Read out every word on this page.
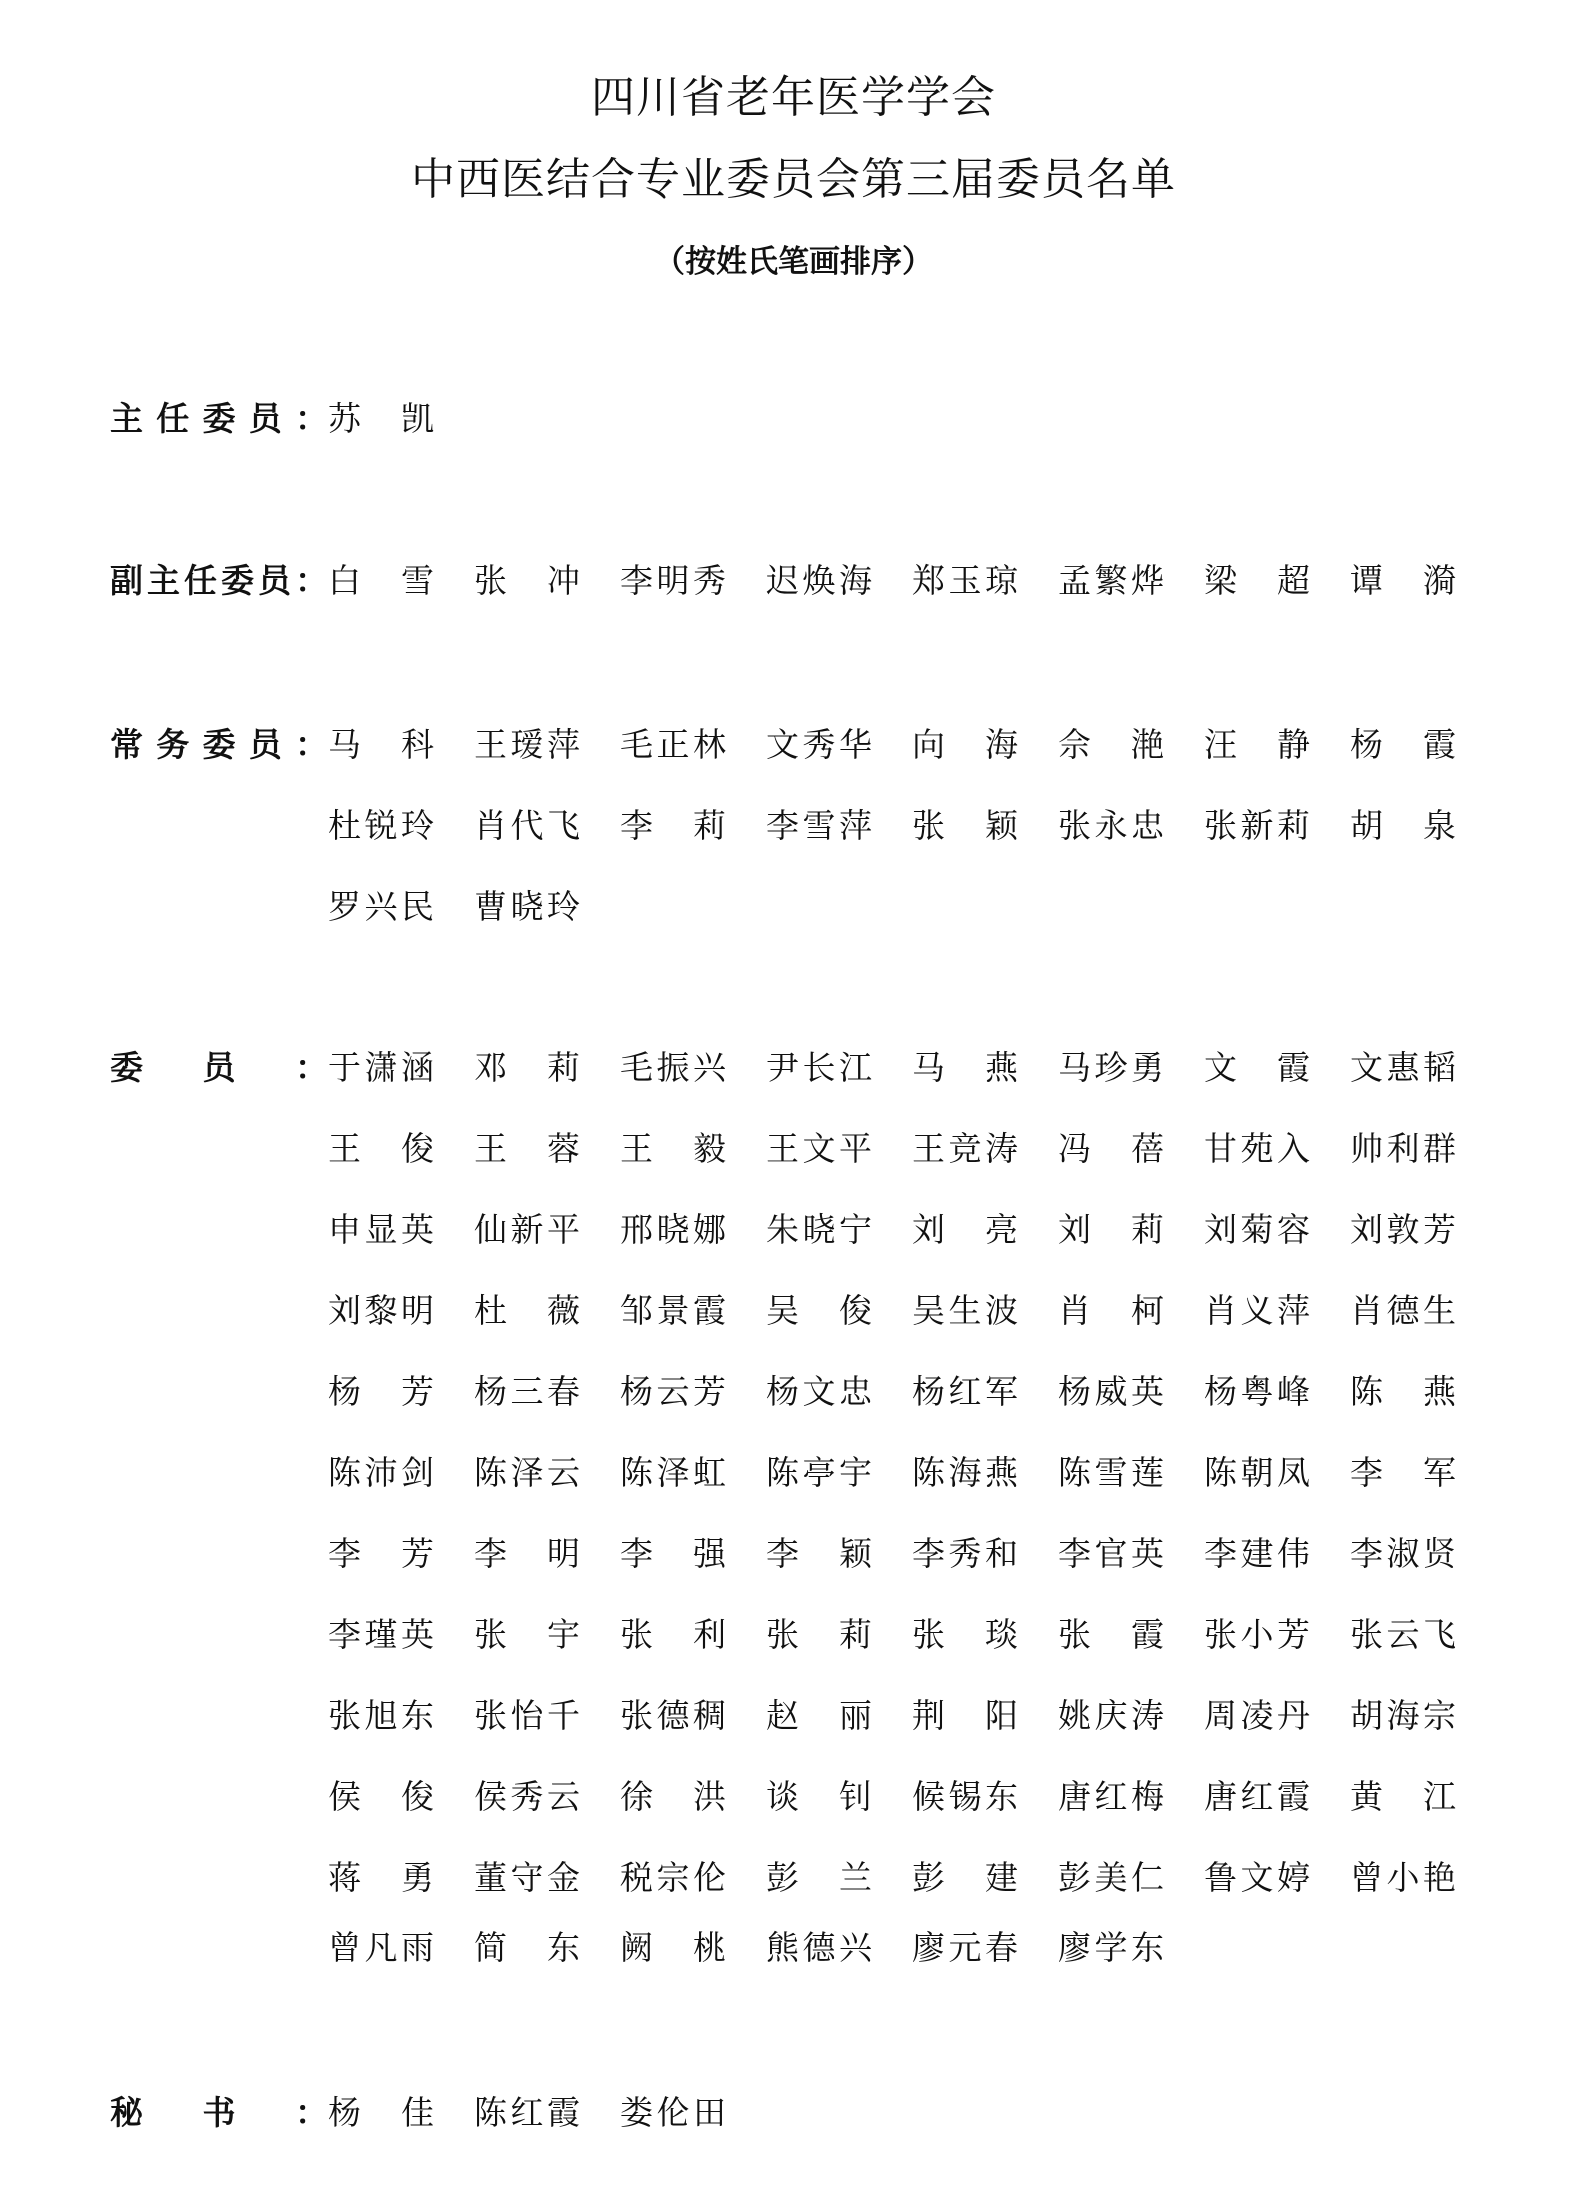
四川省老年医学学会
中西医结合专业委员会第三届委员名单
（按姓氏笔画排序）
主 任 委 员 ： 苏 凯
副 主 任 委 员 ： 白 雪 张 冲 李 明 秀 迟 焕 海 郑 玉 琼 孟 繁 烨 梁 超 谭 漪
常 务 委 员 ： 马 科 王 瑷 萍 毛 正 林 文 秀 华 向 海 佘 滟 汪 静 杨 霞
杜 锐 玲 肖 代 飞 李 莉 李 雪 萍 张 颖 张 永 忠 张 新 莉 胡 泉
罗 兴 民 曹 晓 玲
委 员 ： 于 潇 涵 邓 莉 毛 振 兴 尹 长 江 马 燕 马 珍 勇 文 霞 文 惠 韬
王 俊 王 蓉 王 毅 王 文 平 王 竞 涛 冯 蓓 甘 苑 入 帅 利 群
申 显 英 仙 新 平 邢 晓 娜 朱 晓 宁 刘 亮 刘 莉 刘 菊 容 刘 敦 芳
刘 黎 明 杜 薇 邹 景 霞 吴 俊 吴 生 波 肖 柯 肖 义 萍 肖 德 生
杨 芳 杨 三 春 杨 云 芳 杨 文 忠 杨 红 军 杨 威 英 杨 粤 峰 陈 燕
陈 沛 剑 陈 泽 云 陈 泽 虹 陈 亭 宇 陈 海 燕 陈 雪 莲 陈 朝 凤 李 军
李 芳 李 明 李 强 李 颖 李 秀 和 李 官 英 李 建 伟 李 淑 贤
李 瑾 英 张 宇 张 利 张 莉 张 琰 张 霞 张 小 芳 张 云 飞
张 旭 东 张 怡 千 张 德 稠 赵 丽 荆 阳 姚 庆 涛 周 凌 丹 胡 海 宗
侯 俊 侯 秀 云 徐 洪 谈 钊 候 锡 东 唐 红 梅 唐 红 霞 黄 江
蒋 勇 董 守 金 税 宗 伦 彭 兰 彭 建 彭 美 仁 鲁 文 婷 曾 小 艳
曾 凡 雨 简 东 阙 桃 熊 德 兴 廖 元 春 廖 学 东
秘 书 ： 杨 佳 陈 红 霞 娄 伦 田
